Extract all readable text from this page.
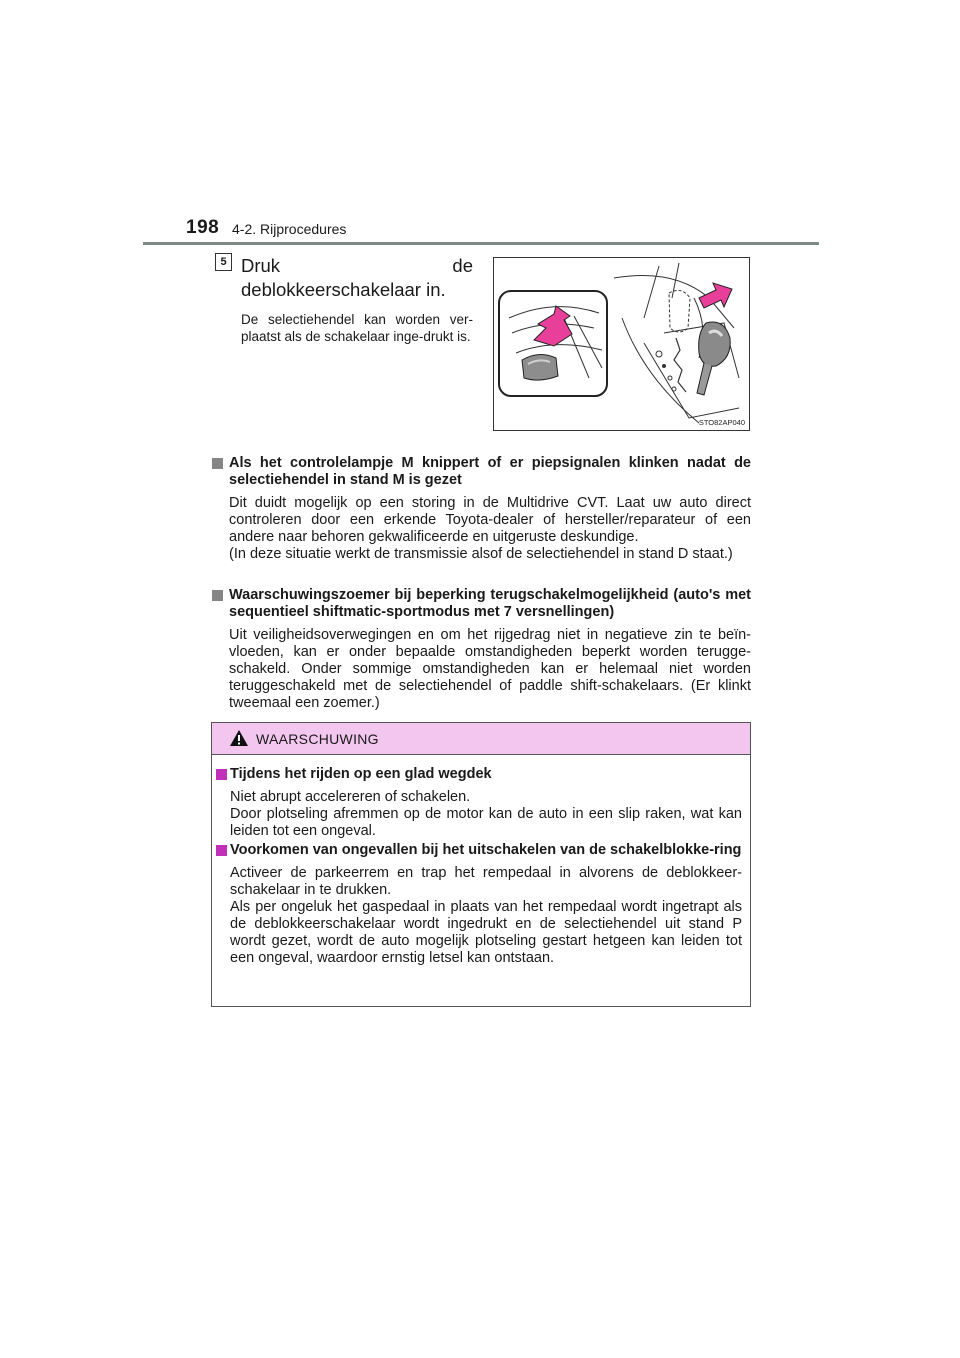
198 4-2. Rijprocedures
5 Druk de deblokkeerschakelaar in.
De selectiehendel kan worden ver-plaatst als de schakelaar inge-drukt is.
STO82AP040
Als het controlelampje M knippert of er piepsignalen klinken nadat de selectiehendel in stand M is gezet

Dit duidt mogelijk op een storing in de Multidrive CVT. Laat uw auto direct controleren door een erkende Toyota-dealer of hersteller/reparateur of een andere naar behoren gekwalificeerde en uitgeruste deskundige.

(In deze situatie werkt de transmissie alsof de selectiehendel in stand D staat.)

Waarschuwingszoemer bij beperking terugschakelmogelijkheid (auto's met sequentieel shiftmatic-sportmodus met 7 versnellingen)

Uit veiligheidsoverwegingen en om het rijgedrag niet in negatieve zin te beïn-vloeden, kan er onder bepaalde omstandigheden beperkt worden terugge-schakeld. Onder sommige omstandigheden kan er helemaal niet worden teruggeschakeld met de selectiehendel of paddle shift-schakelaars. (Er klinkt tweemaal een zoemer.)

WAARSCHUWING
Tijdens het rijden op een glad wegdek

Niet abrupt accelereren of schakelen.

Door plotseling afremmen op de motor kan de auto in een slip raken, wat kan leiden tot een ongeval.

Voorkomen van ongevallen bij het uitschakelen van de schakelblokke-ring

Activeer de parkeerrem en trap het rempedaal in alvorens de deblokkeer-schakelaar in te drukken.

Als per ongeluk het gaspedaal in plaats van het rempedaal wordt ingetrapt als de deblokkeerschakelaar wordt ingedrukt en de selectiehendel uit stand P wordt gezet, wordt de auto mogelijk plotseling gestart hetgeen kan leiden tot een ongeval, waardoor ernstig letsel kan ontstaan.
